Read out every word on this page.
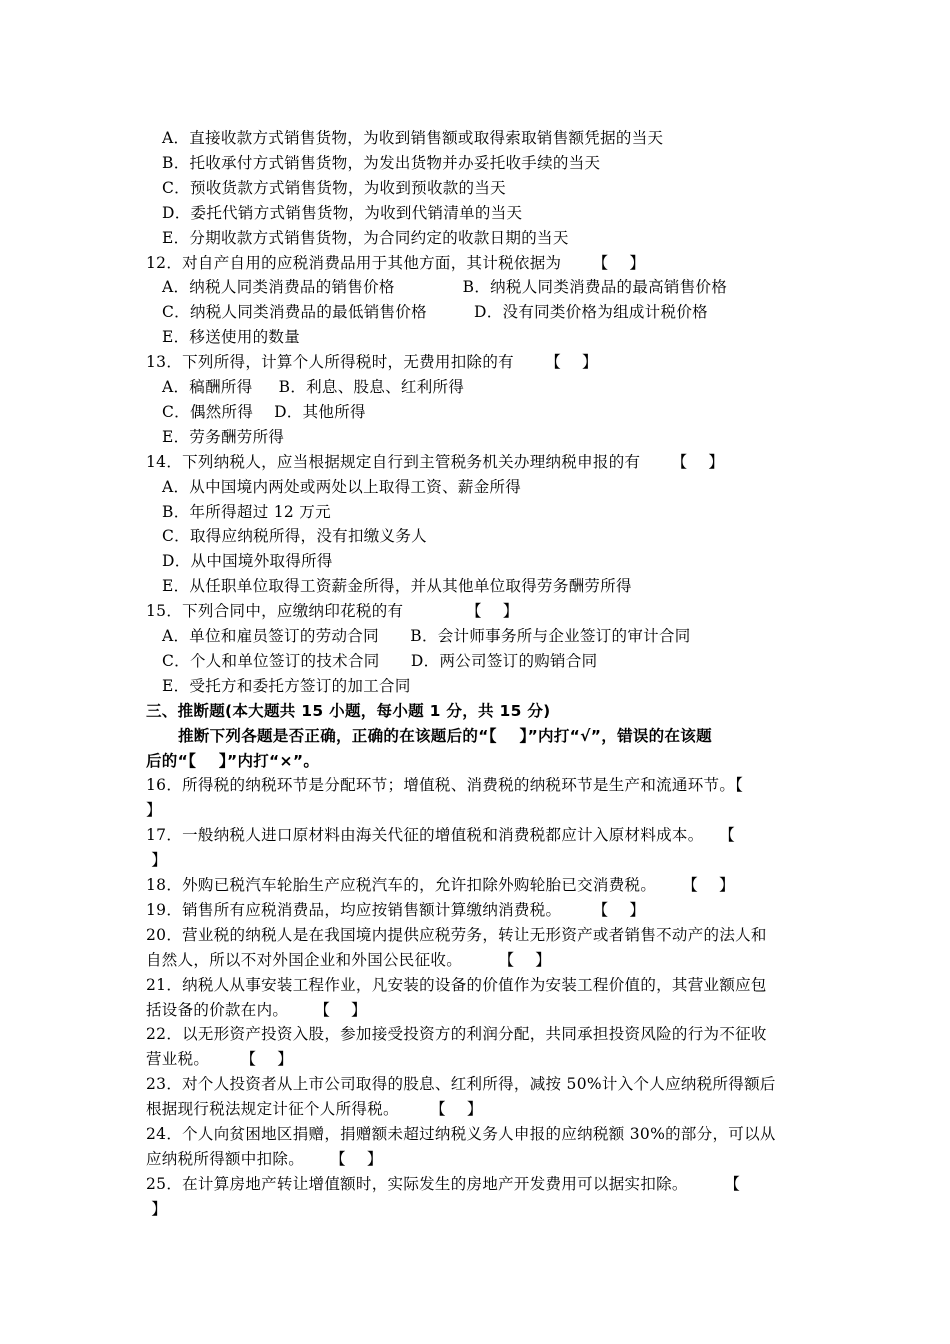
A．直接收款方式销售货物，为收到销售额或取得索取销售额凭据的当天
B．托收承付方式销售货物，为发出货物并办妥托收手续的当天
C．预收货款方式销售货物，为收到预收款的当天
D．委托代销方式销售货物，为收到代销清单的当天
E．分期收款方式销售货物，为合同约定的收款日期的当天
12．对自产自用的应税消费品用于其他方面，其计税依据为      【    】
A．纳税人同类消费品的销售价格             B．纳税人同类消费品的最高销售价格
C．纳税人同类消费品的最低销售价格         D．没有同类价格为组成计税价格
E．移送使用的数量
13．下列所得，计算个人所得税时，无费用扣除的有      【    】
A．稿酬所得     B．利息、股息、红利所得
C．偶然所得    D．其他所得
E．劳务酬劳所得
14．下列纳税人，应当根据规定自行到主管税务机关办理纳税申报的有      【    】
A．从中国境内两处或两处以上取得工资、薪金所得
B．年所得超过 12 万元
C．取得应纳税所得，没有扣缴义务人
D．从中国境外取得所得
E．从任职单位取得工资薪金所得，并从其他单位取得劳务酬劳所得
15．下列合同中，应缴纳印花税的有            【    】
A．单位和雇员签订的劳动合同      B．会计师事务所与企业签订的审计合同
C．个人和单位签订的技术合同      D．两公司签订的购销合同
E．受托方和委托方签订的加工合同
三、推断题(本大题共 15 小题，每小题 1 分，共 15 分)
推断下列各题是否正确，正确的在该题后的“【    】”内打“√”，错误的在该题
后的“【    】”内打“×”。
16．所得税的纳税环节是分配环节；增值税、消费税的纳税环节是生产和流通环节。【
】
17．一般纳税人进口原材料由海关代征的增值税和消费税都应计入原材料成本。   【
】
18．外购已税汽车轮胎生产应税汽车的，允许扣除外购轮胎已交消费税。     【    】
19．销售所有应税消费品，均应按销售额计算缴纳消费税。      【    】
20．营业税的纳税人是在我国境内提供应税劳务，转让无形资产或者销售不动产的法人和
自然人，所以不对外国企业和外国公民征收。       【    】
21．纳税人从事安装工程作业，凡安装的设备的价值作为安装工程价值的，其营业额应包
括设备的价款在内。     【    】
22．以无形资产投资入股，参加接受投资方的利润分配，共同承担投资风险的行为不征收
营业税。      【    】
23．对个人投资者从上市公司取得的股息、红利所得，减按 50%计入个人应纳税所得额后
根据现行税法规定计征个人所得税。      【    】
24．个人向贫困地区捐赠，捐赠额未超过纳税义务人申报的应纳税额 30%的部分，可以从
应纳税所得额中扣除。     【    】
25．在计算房地产转让增值额时，实际发生的房地产开发费用可以据实扣除。       【
】
